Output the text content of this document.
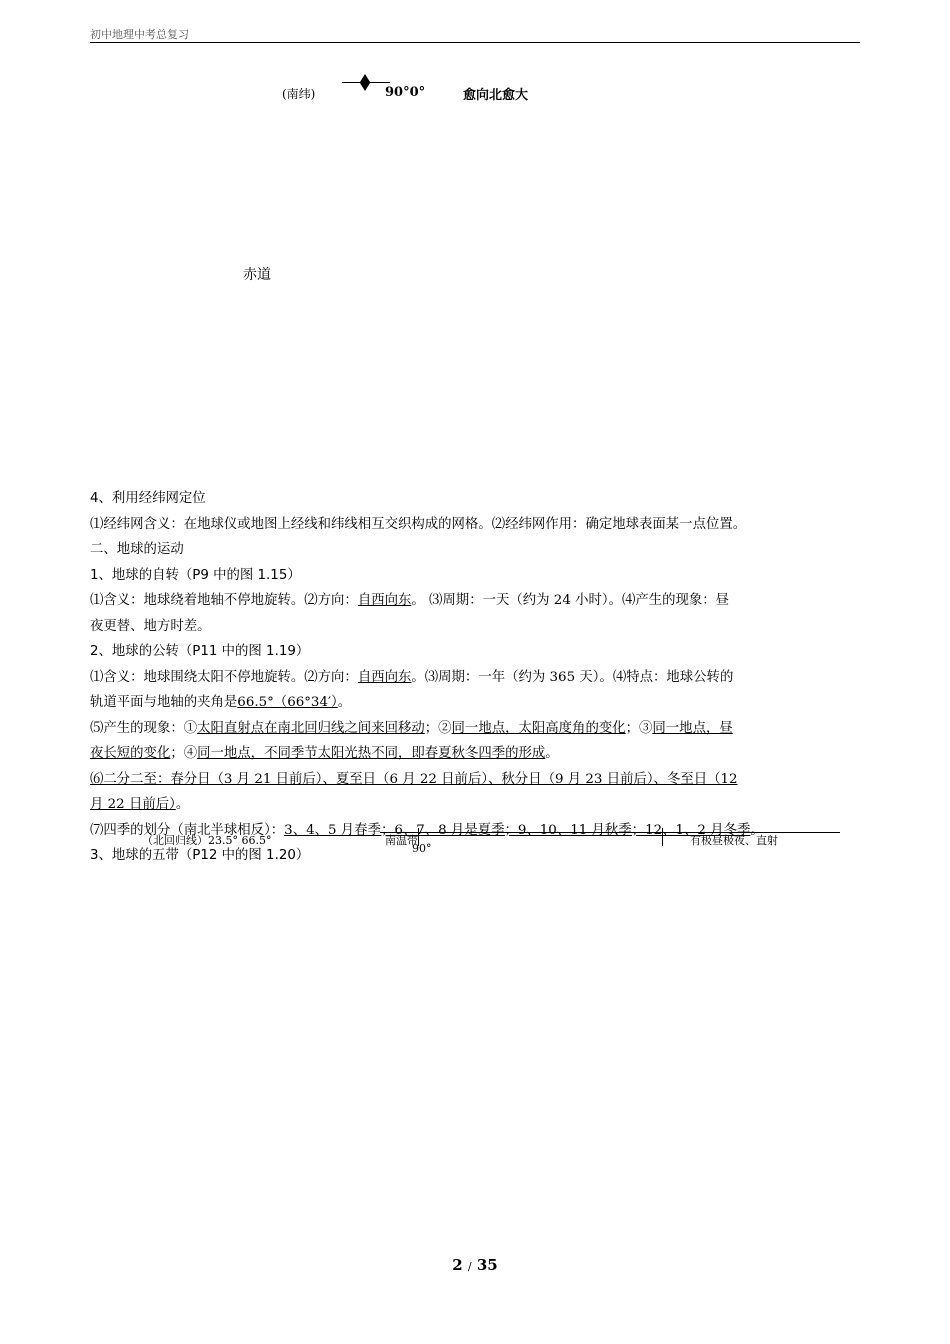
初中地理中考总复习
(南纬)	90°0°	愈向北愈大
赤道
4、利用经纬网定位
⑴经纬网含义：在地球仪或地图上经线和纬线相互交织构成的网格。⑵经纬网作用：确定地球表面某一点位置。
二、地球的运动
1、地球的自转（P9 中的图 1.15）
⑴含义：地球绕着地轴不停地旋转。⑵方向：自西向东。 ⑶周期：一天（约为 24 小时）。⑷产生的现象：昼
夜更替、地方时差。
2、地球的公转（P11 中的图 1.19）
⑴含义：地球围绕太阳不停地旋转。⑵方向：自西向东。⑶周期：一年（约为 365 天）。⑷特点：地球公转的
轨道平面与地轴的夹角是66.5°（66°34′）。
⑸产生的现象：①太阳直射点在南北回归线之间来回移动；②同一地点，太阳高度角的变化；③同一地点，昼
夜长短的变化；④同一地点，不同季节太阳光热不同，即春夏秋冬四季的形成。
⑹二分二至：春分日（3 月 21 日前后）、夏至日（6 月 22 日前后）、秋分日（9 月 23 日前后）、冬至日（12
月 22 日前后）。
⑺四季的划分（南北半球相反）：3、4、5 月春季；6、7、8 月是夏季；9、10、11 月秋季；12、1、2 月冬季。
3、地球的五带（P12 中的图 1.20）
（北回归线）23.5° 66.5°	南温带
90°
有极昼极夜、直射
2 / 35
